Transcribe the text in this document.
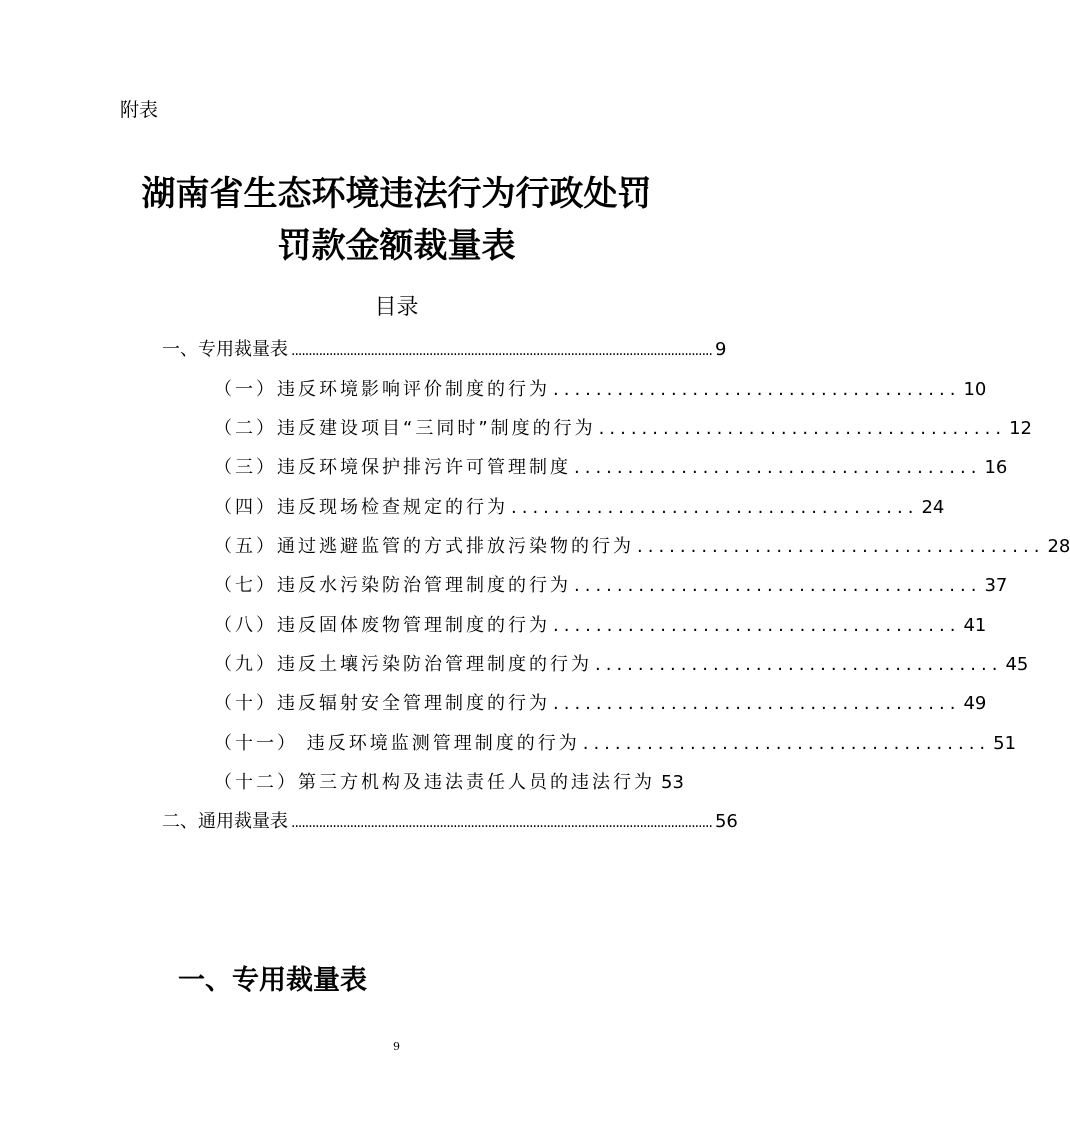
附表
湖南省生态环境违法行为行政处罚
罚款金额裁量表
目录
一、专用裁量表 .......................................................................................................................... 9
（一）违反环境影响评价制度的行为 ...................................... 10
（二）违反建设项目“三同时”制度的行为 ...................................... 12
（三）违反环境保护排污许可管理制度 ...................................... 16
（四）违反现场检查规定的行为 ...................................... 24
（五）通过逃避监管的方式排放污染物的行为 ...................................... 28
（七）违反水污染防治管理制度的行为 ...................................... 37
（八）违反固体废物管理制度的行为 ...................................... 41
（九）违反土壤污染防治管理制度的行为 ...................................... 45
（十）违反辐射安全管理制度的行为 ...................................... 49
（十一） 违反环境监测管理制度的行为 ...................................... 51
（十二）第三方机构及违法责任人员的违法行为 53
二、通用裁量表 .......................................................................................................................... 56
一、专用裁量表
9
